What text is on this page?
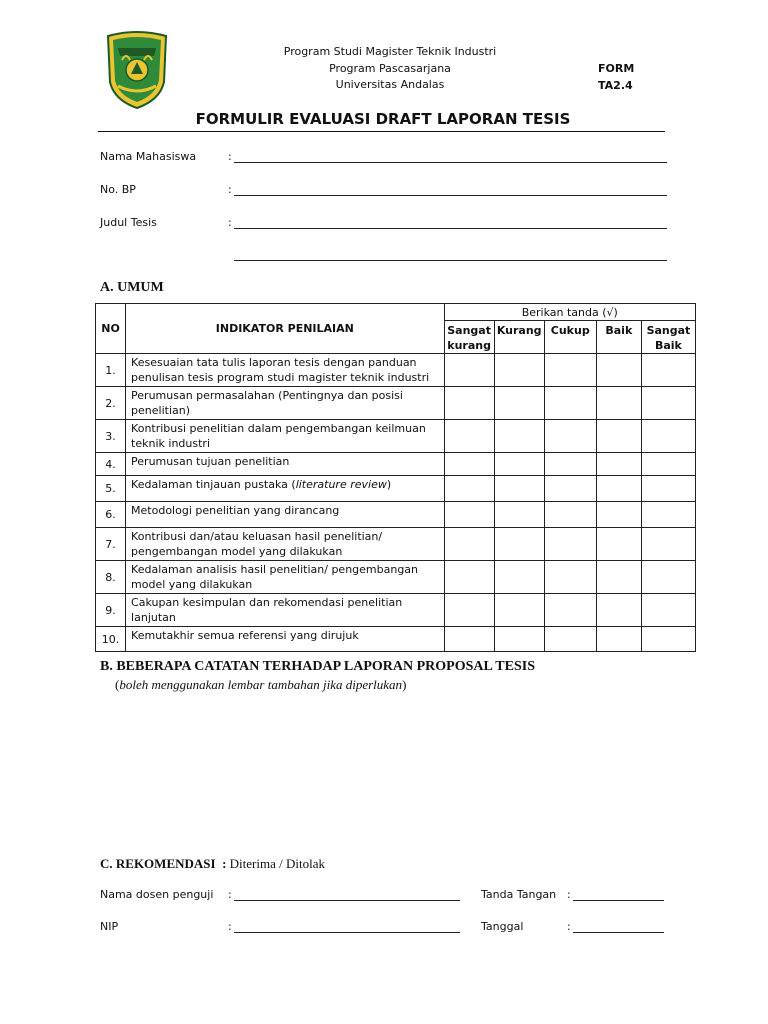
Program Studi Magister Teknik Industri
Program Pascasarjana
Universitas Andalas
FORM
TA2.4
FORMULIR EVALUASI DRAFT LAPORAN TESIS
Nama Mahasiswa	:
No. BP	:
Judul Tesis	:
A. UMUM
NO	INDIKATOR PENILAIAN	Berikan tanda (√)				
		Sangat kurang	Kurang	Cukup	Baik	Sangat Baik
1.	Kesesuaian tata tulis laporan tesis dengan panduan penulisan tesis program studi magister teknik industri					
2.	Perumusan permasalahan (Pentingnya dan posisi penelitian)					
3.	Kontribusi penelitian dalam pengembangan keilmuan teknik industri					
4.	Perumusan tujuan penelitian					
5.	Kedalaman tinjauan pustaka (literature review)					
6.	Metodologi penelitian yang dirancang					
7.	Kontribusi dan/atau keluasan hasil penelitian/ pengembangan model yang dilakukan					
8.	Kedalaman analisis hasil penelitian/ pengembangan model yang dilakukan					
9.	Cakupan kesimpulan dan rekomendasi penelitian lanjutan					
10.	Kemutakhir semua referensi yang dirujuk					
B. BEBERAPA CATATAN TERHADAP LAPORAN PROPOSAL TESIS
(boleh menggunakan lembar tambahan jika diperlukan)
C. REKOMENDASI : Diterima / Ditolak
Nama dosen penguji :	Tanda Tangan :
NIP	:	Tanggal	:
